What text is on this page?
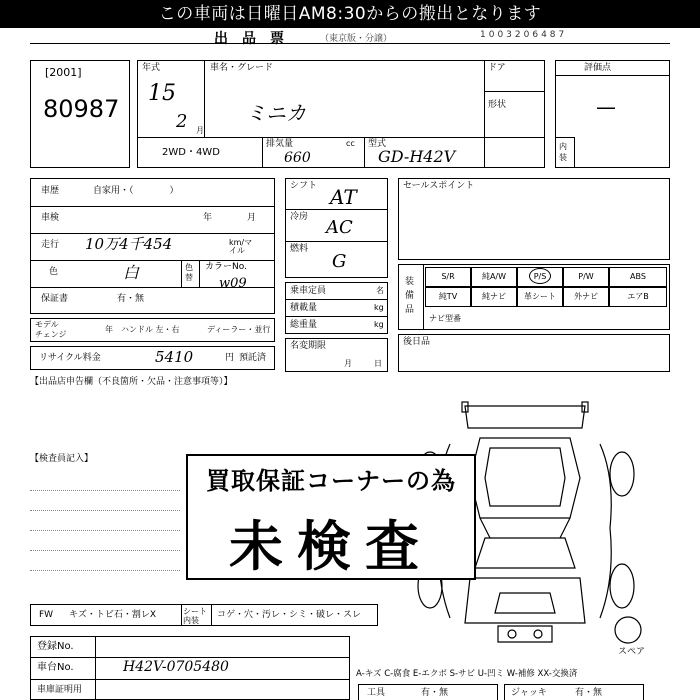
この車両は日曜日AM8:30からの搬出となります
出品票 （東京版・分譲）	1003206487
[2001]
80987
年式
15
2 月
車名・グレード
ミニカ
ドア
形状
2WD・4WD
排気量	cc
660
型式
GD-H42V
評価点
—
内装
車歴	自家用・（　　　　）
車検	年	月
走行 10万4千454	km/マイル
色	白	色替
カラーNo.
w09
保証書	有・無
モデル
チェンジ
年 ハンドル 左・右	ディーラー・並行
リサイクル料金	5410	円 預託済
シフト AT
冷房 AC
燃料
G
乗車定員	名
積載量	kg
総重量	kg
名変期限
月	日
セールスポイント
装備品
S/R	純A/W	P/S	P/W	ABS
純TV	純ナビ	革シート	外ナビ	エアB
ナビ型番
後日品
【出品店申告欄（不良箇所・欠品・注意事項等）】
【検査員記入】
スペア
買取保証コーナーの為
未検査
FW キズ・トビ石・割レX	シート内装
コゲ・穴・汚レ・シミ・破レ・スレ
登録No.
車台No.	H42V-0705480
車庫証明用
A-キズ C-腐食 E-エクボ S-サビ U-凹ミ W-補修 XX-交換済
工具	有・無	ジャッキ	有・無
